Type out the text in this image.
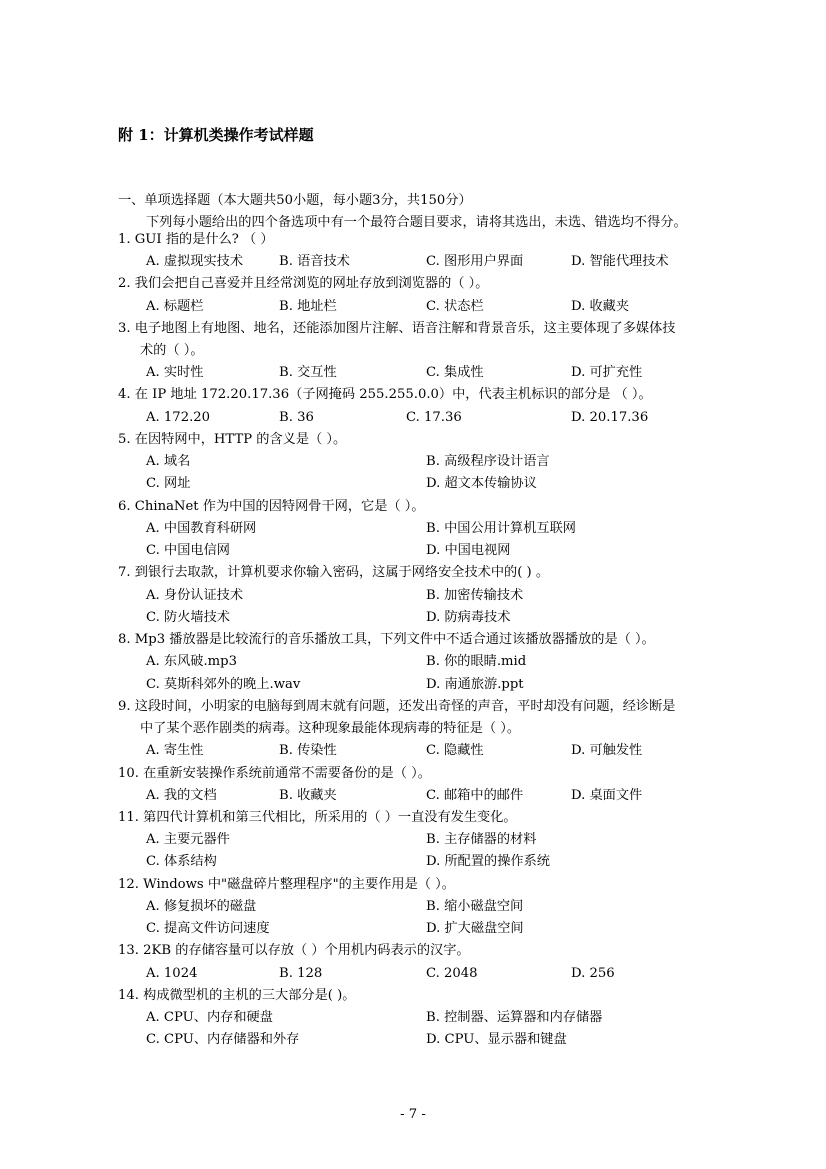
附 1：计算机类操作考试样题
一、单项选择题（本大题共50小题，每小题3分，共150分）
下列每小题给出的四个备选项中有一个最符合题目要求，请将其选出，未选、错选均不得分。
1. GUI 指的是什么? （ ）
A. 虚拟现实技术	B. 语音技术	C. 图形用户界面	D. 智能代理技术
2. 我们会把自己喜爱并且经常浏览的网址存放到浏览器的（ ）。
A. 标题栏	B. 地址栏	C. 状态栏	D. 收藏夹
3. 电子地图上有地图、地名，还能添加图片注解、语音注解和背景音乐，这主要体现了多媒体技
术的（ ）。
A. 实时性	B. 交互性	C. 集成性	D. 可扩充性
4. 在 IP 地址 172.20.17.36（子网掩码 255.255.0.0）中，代表主机标识的部分是 （ ）。
A. 172.20	B. 36	C. 17.36	D. 20.17.36
5. 在因特网中，HTTP 的含义是（ ）。
A. 域名	B. 高级程序设计语言
C. 网址	D. 超文本传输协议
6. ChinaNet 作为中国的因特网骨干网，它是（ ）。
A. 中国教育科研网	B. 中国公用计算机互联网
C. 中国电信网	D. 中国电视网
7. 到银行去取款，计算机要求你输入密码，这属于网络安全技术中的( ) 。
A. 身份认证技术	B. 加密传输技术
C. 防火墙技术	D. 防病毒技术
8. Mp3 播放器是比较流行的音乐播放工具，下列文件中不适合通过该播放器播放的是（ ）。
A. 东风破.mp3	B. 你的眼睛.mid
C. 莫斯科郊外的晚上.wav	D. 南通旅游.ppt
9. 这段时间，小明家的电脑每到周末就有问题，还发出奇怪的声音，平时却没有问题，经诊断是
中了某个恶作剧类的病毒。这种现象最能体现病毒的特征是（ ）。
A. 寄生性	B. 传染性	C. 隐藏性	D. 可触发性
10. 在重新安装操作系统前通常不需要备份的是（ ）。
A. 我的文档	B. 收藏夹	C. 邮箱中的邮件	D. 桌面文件
11. 第四代计算机和第三代相比，所采用的（ ）一直没有发生变化。
A. 主要元器件	B. 主存储器的材料
C. 体系结构	D. 所配置的操作系统
12. Windows 中"磁盘碎片整理程序"的主要作用是（ ）。
A. 修复损坏的磁盘	B. 缩小磁盘空间
C. 提高文件访问速度	D. 扩大磁盘空间
13. 2KB 的存储容量可以存放（ ）个用机内码表示的汉字。
A. 1024	B. 128	C. 2048	D. 256
14. 构成微型机的主机的三大部分是( )。
A. CPU、内存和硬盘	B. 控制器、运算器和内存储器
C. CPU、内存储器和外存	D. CPU、显示器和键盘
- 7 -
